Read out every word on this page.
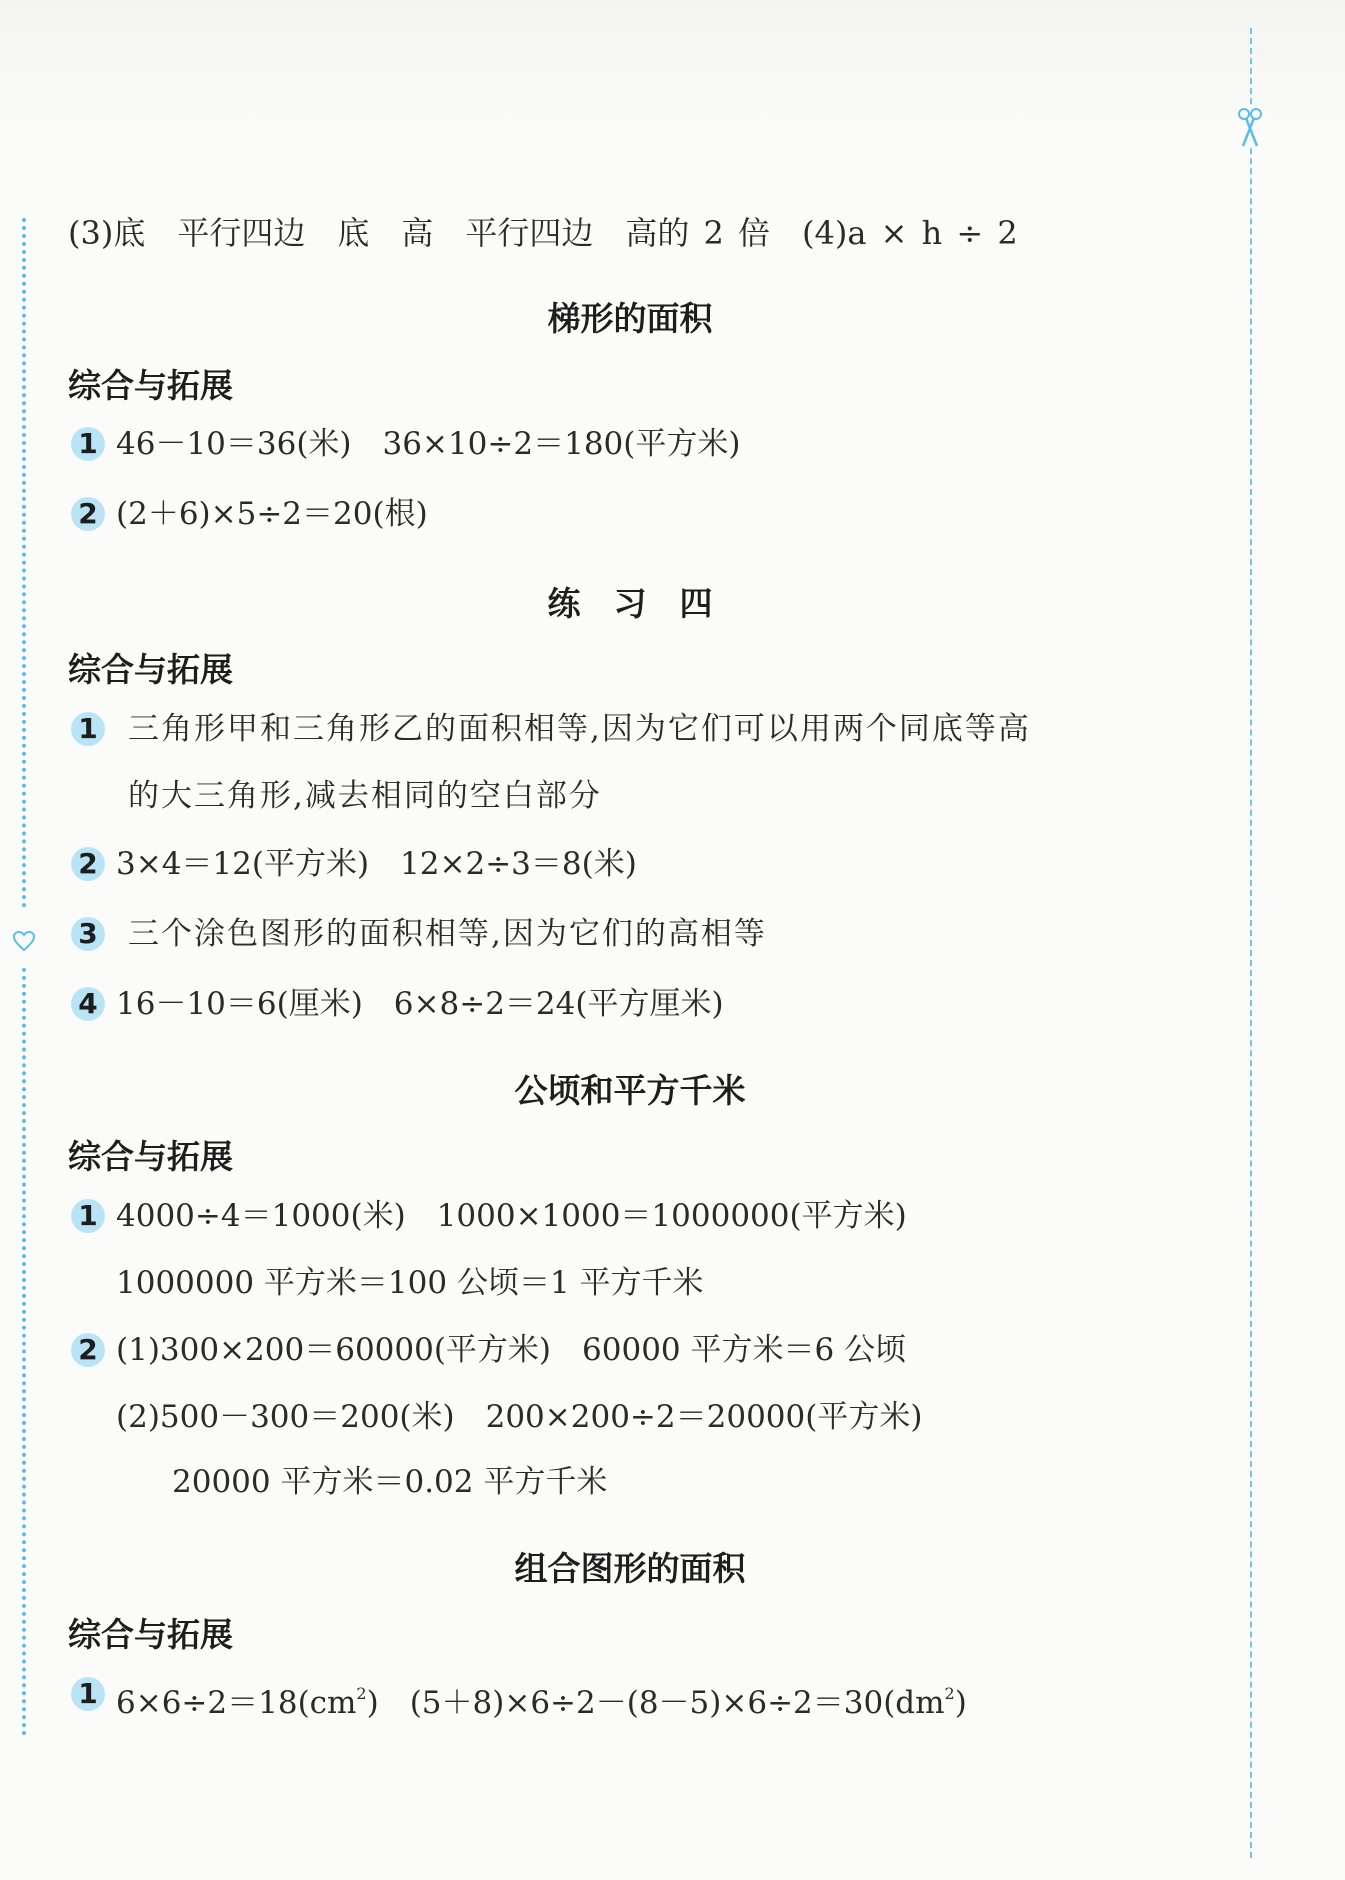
(3)底　平行四边　底　高　平行四边　高的 2 倍　(4)a × h ÷ 2
梯形的面积
综合与拓展
1 46－10＝36(米)　36×10÷2＝180(平方米)
2 (2＋6)×5÷2＝20(根)
练　习　四
综合与拓展
1 三角形甲和三角形乙的面积相等,因为它们可以用两个同底等高
的大三角形,减去相同的空白部分
2 3×4＝12(平方米)　12×2÷3＝8(米)
3 三个涂色图形的面积相等,因为它们的高相等
4 16－10＝6(厘米)　6×8÷2＝24(平方厘米)
公顷和平方千米
综合与拓展
1 4000÷4＝1000(米)　1000×1000＝1000000(平方米)
1000000 平方米＝100 公顷＝1 平方千米
2 (1)300×200＝60000(平方米)　60000 平方米＝6 公顷
(2)500－300＝200(米)　200×200÷2＝20000(平方米)
20000 平方米＝0.02 平方千米
组合图形的面积
综合与拓展
1 $6\times 6\div 2=18(cm^2)$　$(5+8)\times 6\div 2-(8-5)\times 6\div 2=30(dm^2)$
